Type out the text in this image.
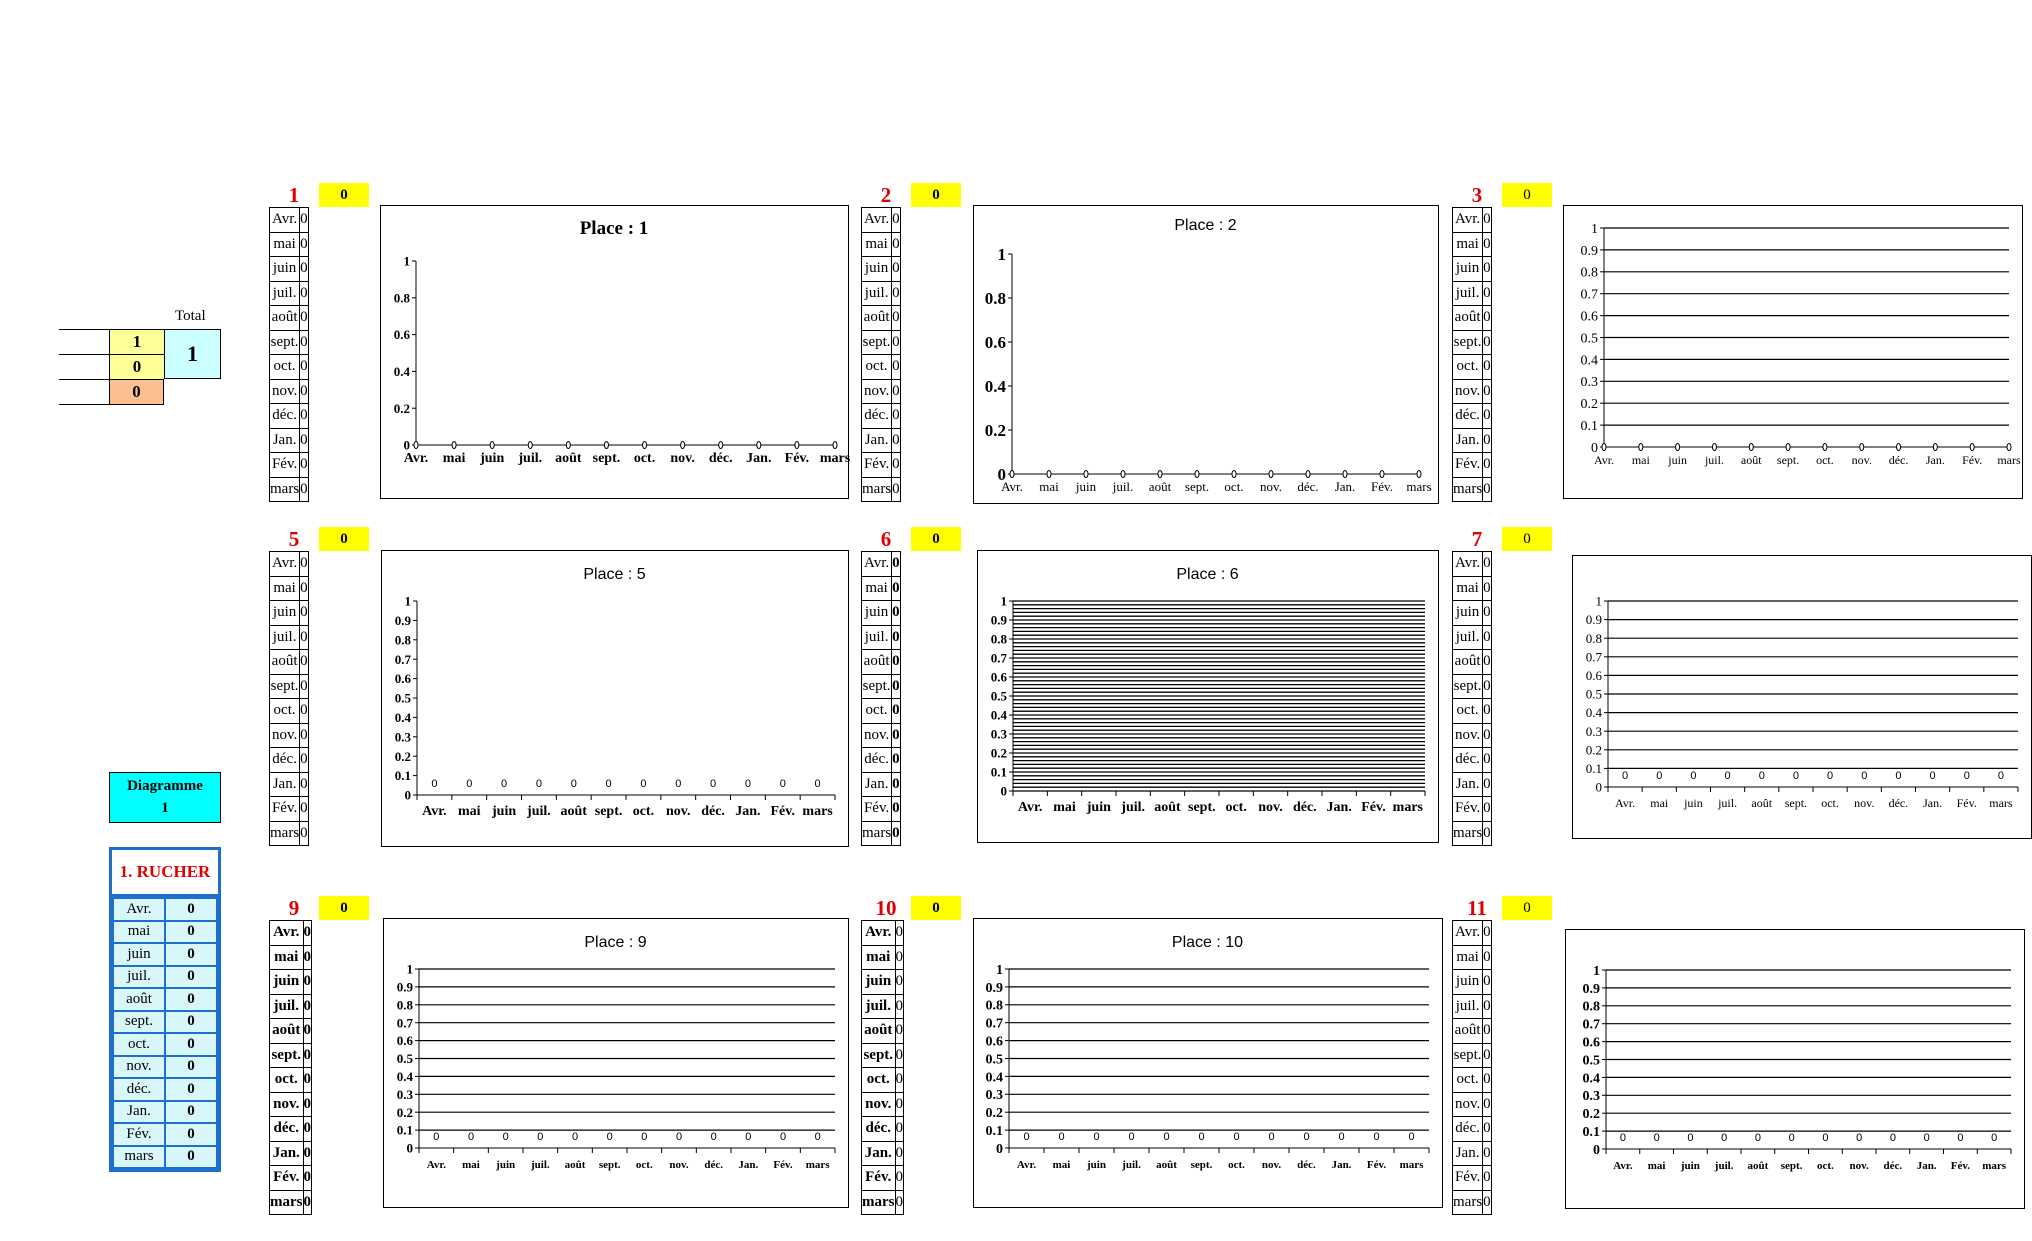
Total
1
0
0
1
Diagramme
1
1. RUCHER
Avr.	0
mai	0
juin	0
juil.	0
août	0
sept.	0
oct.	0
nov.	0
déc.	0
Jan.	0
Fév.	0
mars	0
1	0
Avr.	0
mai	0
juin	0
juil.	0
août	0
sept.	0
oct.	0
nov.	0
déc.	0
Jan.	0
Fév.	0
mars	0
Place : 1
0
0.2
0.4
0.6
0.8
1
Avr. mai juin juil. août sept. oct. nov. déc. Jan. Fév. mars
2	0
Avr.	0
mai	0
juin	0
juil.	0
août	0
sept.	0
oct.	0
nov.	0
déc.	0
Jan.	0
Fév.	0
mars	0
Place : 2
0
0.2
0.4
0.6
0.8
1
Avr. mai juin juil. août sept. oct. nov. déc. Jan. Fév. mars
3	0
Avr.	0
mai	0
juin	0
juil.	0
août	0
sept.	0
oct.	0
nov.	0
déc.	0
Jan.	0
Fév.	0
mars	0
0
0.1
0.2
0.3
0.4
0.5
0.6
0.7
0.8
0.9
1
Avr. mai juin juil. août sept. oct. nov. déc. Jan. Fév. mars
5	0
Avr.	0
mai	0
juin	0
juil.	0
août	0
sept.	0
oct.	0
nov.	0
déc.	0
Jan.	0
Fév.	0
mars	0
Place : 5
0
0.1
0.2
0.3
0.4
0.5
0.6
0.7
0.8
0.9
1
0
Avr.
0
mai
0
juin
0
juil.
0
août
0
sept.
0
oct.
0
nov.
0
déc.
0
Jan.
0
Fév.
0
mars
6	0
Avr.	0
mai	0
juin	0
juil.	0
août	0
sept.	0
oct.	0
nov.	0
déc.	0
Jan.	0
Fév.	0
mars	0
Place : 6
0
0.1
0.2
0.3
0.4
0.5
0.6
0.7
0.8
0.9
1
Avr. mai juin juil. août sept. oct. nov. déc. Jan. Fév. mars
7	0
Avr.	0
mai	0
juin	0
juil.	0
août	0
sept.	0
oct.	0
nov.	0
déc.	0
Jan.	0
Fév.	0
mars	0
0
0.1
0.2
0.3
0.4
0.5
0.6
0.7
0.8
0.9
1
0
Avr.
0
mai
0
juin
0
juil.
0
août
0
sept.
0
oct.
0
nov.
0
déc.
0
Jan.
0
Fév.
0
mars
9	0
Avr.	0
mai	0
juin	0
juil.	0
août	0
sept.	0
oct.	0
nov.	0
déc.	0
Jan.	0
Fév.	0
mars	0
Place : 9
0
0.1
0.2
0.3
0.4
0.5
0.6
0.7
0.8
0.9
1
0
Avr.
0
mai
0
juin
0
juil.
0
août
0
sept.
0
oct.
0
nov.
0
déc.
0
Jan.
0
Fév.
0
mars
10	0
Avr.	0
mai	0
juin	0
juil.	0
août	0
sept.	0
oct.	0
nov.	0
déc.	0
Jan.	0
Fév.	0
mars	0
Place : 10
0
0.1
0.2
0.3
0.4
0.5
0.6
0.7
0.8
0.9
1
0
Avr.
0
mai
0
juin
0
juil.
0
août
0
sept.
0
oct.
0
nov.
0
déc.
0
Jan.
0
Fév.
0
mars
11	0
Avr.	0
mai	0
juin	0
juil.	0
août	0
sept.	0
oct.	0
nov.	0
déc.	0
Jan.	0
Fév.	0
mars	0
0
0.1
0.2
0.3
0.4
0.5
0.6
0.7
0.8
0.9
1
0
Avr.
0
mai
0
juin
0
juil.
0
août
0
sept.
0
oct.
0
nov.
0
déc.
0
Jan.
0
Fév.
0
mars
